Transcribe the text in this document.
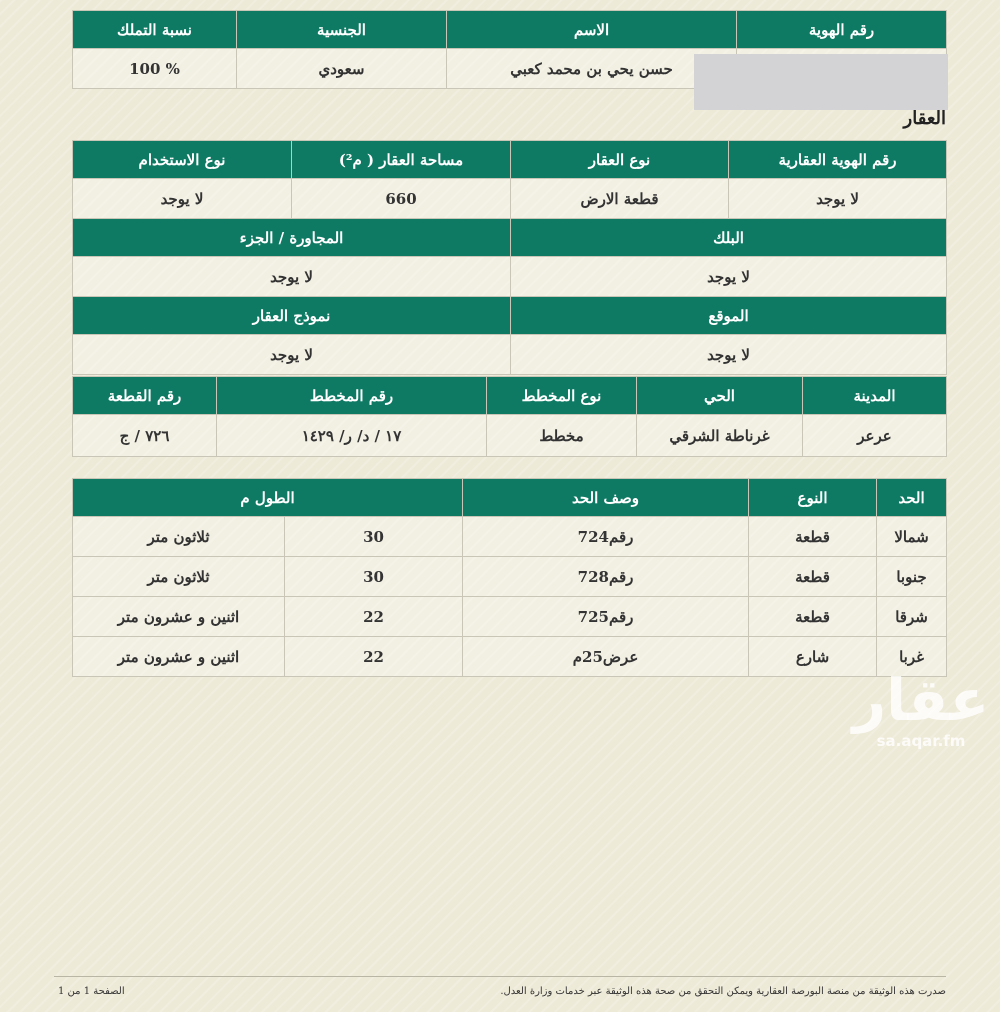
رقم الهوية	الاسم	الجنسية	نسبة التملك
	حسن يحي بن محمد كعبي	سعودي	100 %
العقار
رقم الهوية العقارية	نوع العقار	مساحة العقار ( م²)	نوع الاستخدام
لا يوجد	قطعة الارض	660	لا يوجد
البلك		المجاورة / الجزء	
لا يوجد		لا يوجد	
الموقع		نموذج العقار	
لا يوجد		لا يوجد	
المدينة	الحي	نوع المخطط	رقم المخطط	رقم القطعة
عرعر	غرناطة الشرقي	مخطط	١٧ / د/ ر/ ١٤٢٩	٧٢٦ / ج
الحد	النوع	وصف الحد	الطول م	
شمالا	قطعة	رقم724	30	ثلاثون متر
جنوبا	قطعة	رقم728	30	ثلاثون متر
شرقا	قطعة	رقم725	22	اثنين و عشرون متر
غربا	شارع	عرض25م	22	اثنين و عشرون متر
عقار
sa.aqar.fm
صدرت هذه الوثيقة من منصة البورصة العقارية ويمكن التحقق من صحة هذه الوثيقة عبر خدمات وزارة العدل.
الصفحة 1 من 1
